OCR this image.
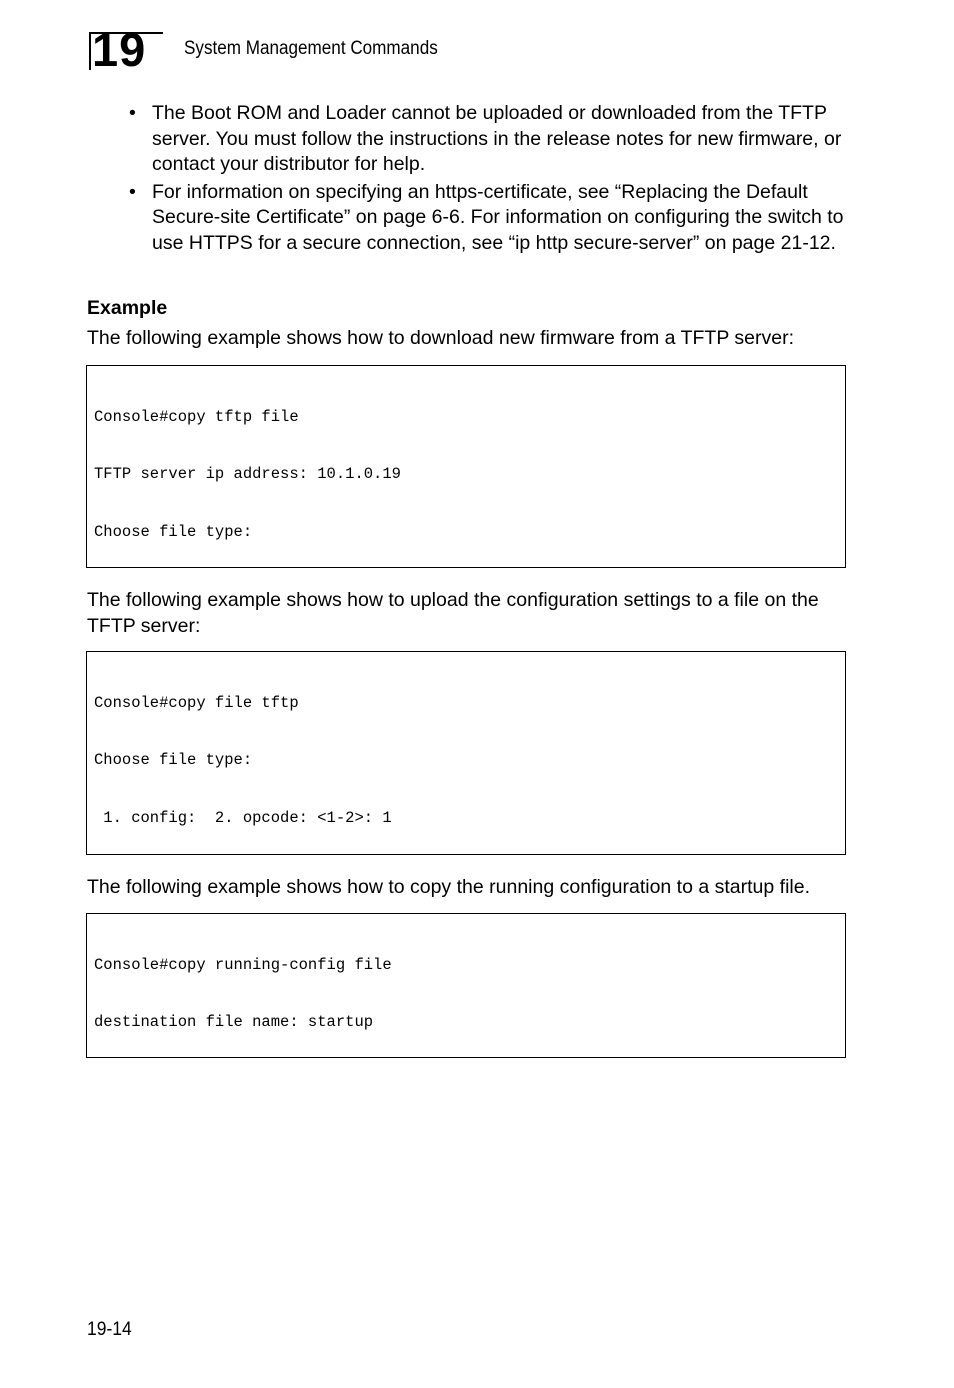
19 System Management Commands
• The Boot ROM and Loader cannot be uploaded or downloaded from the TFTP server. You must follow the instructions in the release notes for new firmware, or contact your distributor for help.
• For information on specifying an https-certificate, see “Replacing the Default Secure-site Certificate” on page 6-6. For information on configuring the switch to use HTTPS for a secure connection, see “ip http secure-server” on page 21-12.
Example

The following example shows how to download new firmware from a TFTP server:

Console#copy tftp file

TFTP server ip address: 10.1.0.19

Choose file type:

The following example shows how to upload the configuration settings to a file on the TFTP server:

Console#copy file tftp

Choose file type:

1. config:  2. opcode: <1-2>: 1

The following example shows how to copy the running configuration to a startup file.

Console#copy running-config file

destination file name: startup

19-14
